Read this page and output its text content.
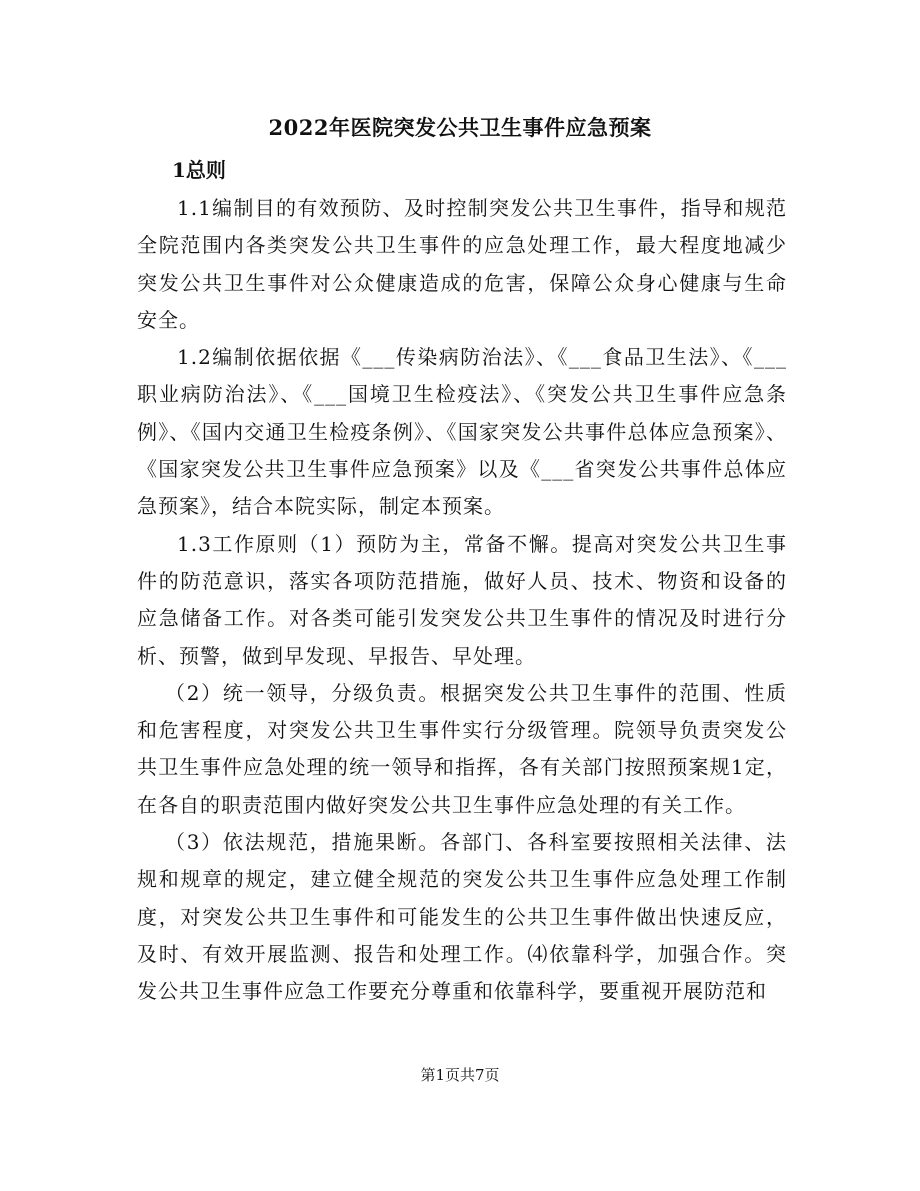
2022年医院突发公共卫生事件应急预案
1总则

1.1编制目的有效预防、及时控制突发公共卫生事件，指导和规范全院范围内各类突发公共卫生事件的应急处理工作，最大程度地减少突发公共卫生事件对公众健康造成的危害，保障公众身心健康与生命安全。

1.2编制依据依据《___传染病防治法》、《___食品卫生法》、《___职业病防治法》、《___国境卫生检疫法》、《突发公共卫生事件应急条例》、《国内交通卫生检疫条例》、《国家突发公共事件总体应急预案》、《国家突发公共卫生事件应急预案》以及《___省突发公共事件总体应急预案》，结合本院实际，制定本预案。

1.3工作原则（1）预防为主，常备不懈。提高对突发公共卫生事件的防范意识，落实各项防范措施，做好人员、技术、物资和设备的应急储备工作。对各类可能引发突发公共卫生事件的情况及时进行分析、预警，做到早发现、早报告、早处理。

（2）统一领导，分级负责。根据突发公共卫生事件的范围、性质和危害程度，对突发公共卫生事件实行分级管理。院领导负责突发公共卫生事件应急处理的统一领导和指挥，各有关部门按照预案规1定，在各自的职责范围内做好突发公共卫生事件应急处理的有关工作。

（3）依法规范，措施果断。各部门、各科室要按照相关法律、法规和规章的规定，建立健全规范的突发公共卫生事件应急处理工作制度，对突发公共卫生事件和可能发生的公共卫生事件做出快速反应，及时、有效开展监测、报告和处理工作。⑷依靠科学，加强合作。突发公共卫生事件应急工作要充分尊重和依靠科学，要重视开展防范和

第1页共7页
